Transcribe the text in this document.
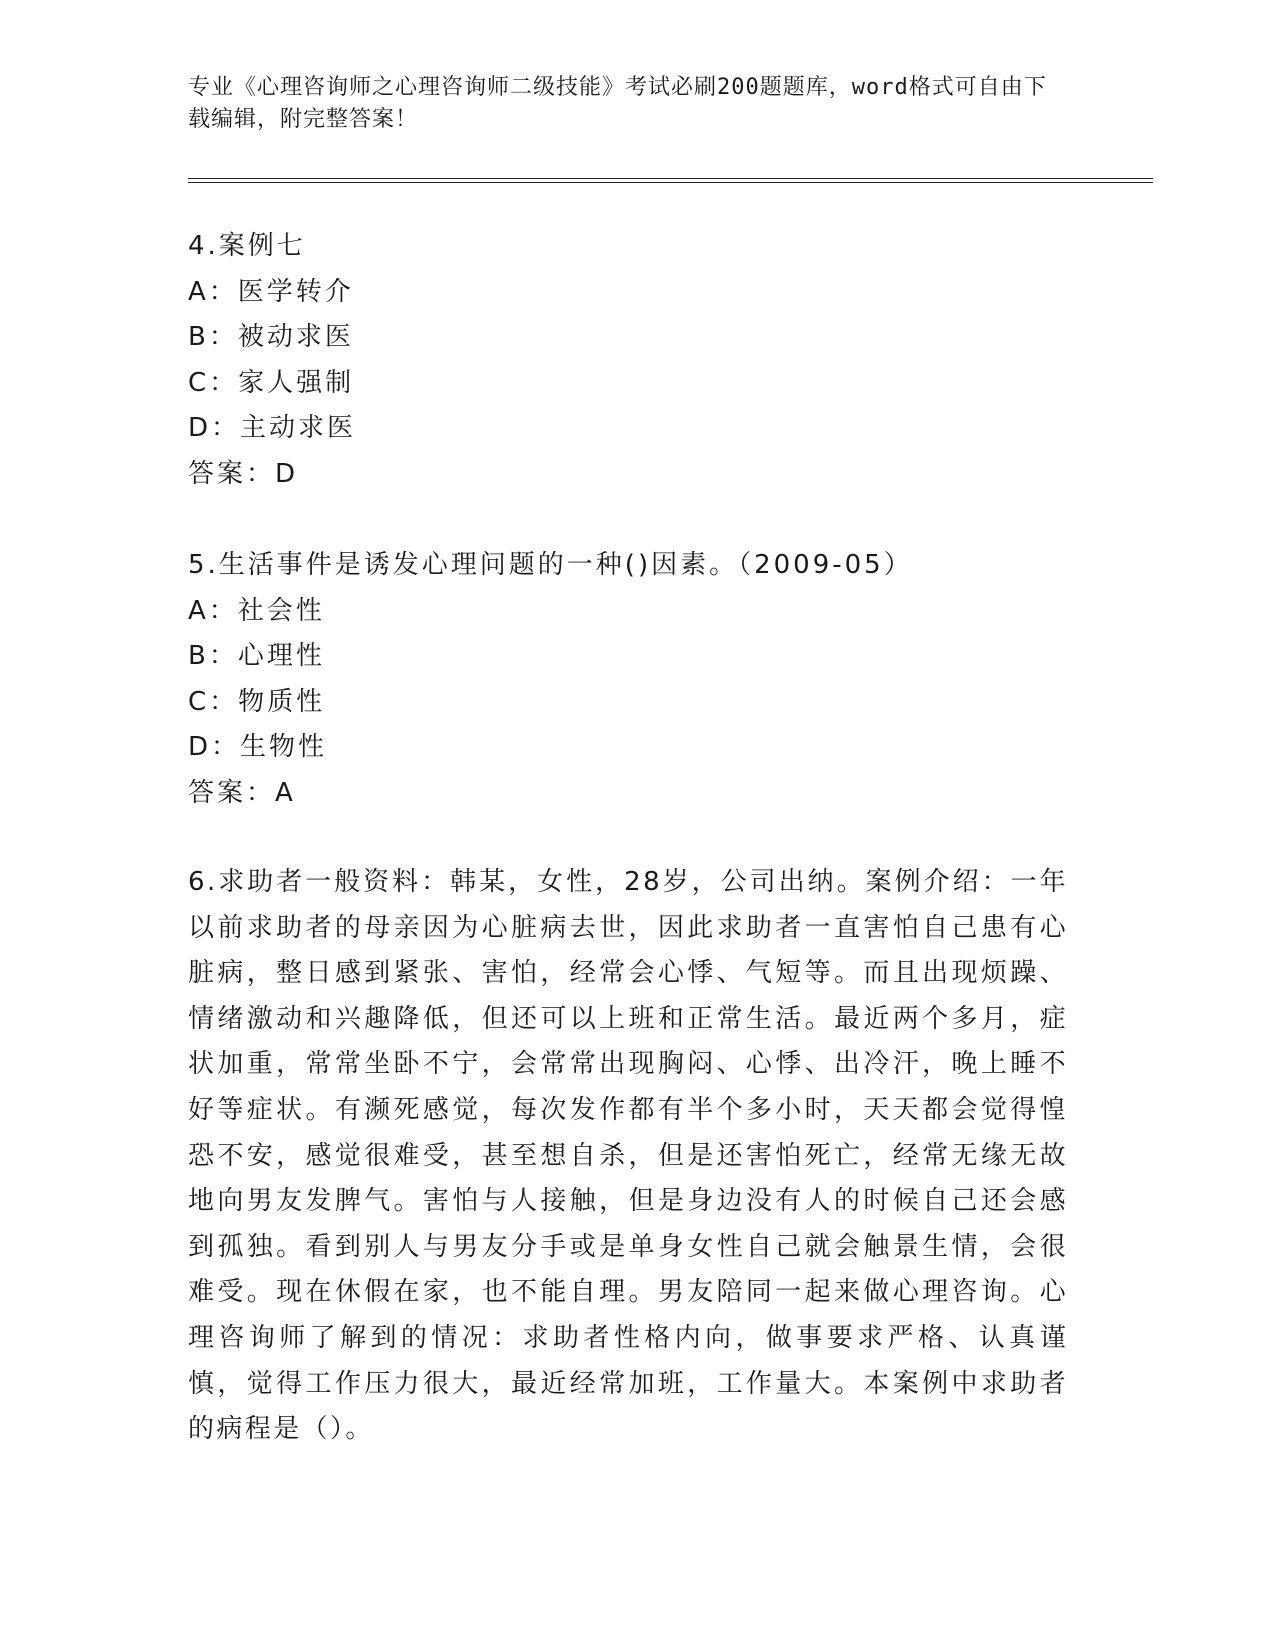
专业《心理咨询师之心理咨询师二级技能》考试必刷200题题库，word格式可自由下载编辑，附完整答案！
4.案例七
A：医学转介
B：被动求医
C：家人强制
D：主动求医
答案：D
5.生活事件是诱发心理问题的一种()因素。（2009-05）
A：社会性
B：心理性
C：物质性
D：生物性
答案：A
6.求助者一般资料：韩某，女性，28岁，公司出纳。案例介绍：一年以前求助者的母亲因为心脏病去世，因此求助者一直害怕自己患有心脏病，整日感到紧张、害怕，经常会心悸、气短等。而且出现烦躁、情绪激动和兴趣降低，但还可以上班和正常生活。最近两个多月，症状加重，常常坐卧不宁，会常常出现胸闷、心悸、出冷汗，晚上睡不好等症状。有濒死感觉，每次发作都有半个多小时，天天都会觉得惶恐不安，感觉很难受，甚至想自杀，但是还害怕死亡，经常无缘无故地向男友发脾气。害怕与人接触，但是身边没有人的时候自己还会感到孤独。看到别人与男友分手或是单身女性自己就会触景生情，会很难受。现在休假在家，也不能自理。男友陪同一起来做心理咨询。心理咨询师了解到的情况：求助者性格内向，做事要求严格、认真谨慎，觉得工作压力很大，最近经常加班，工作量大。本案例中求助者的病程是（）。
